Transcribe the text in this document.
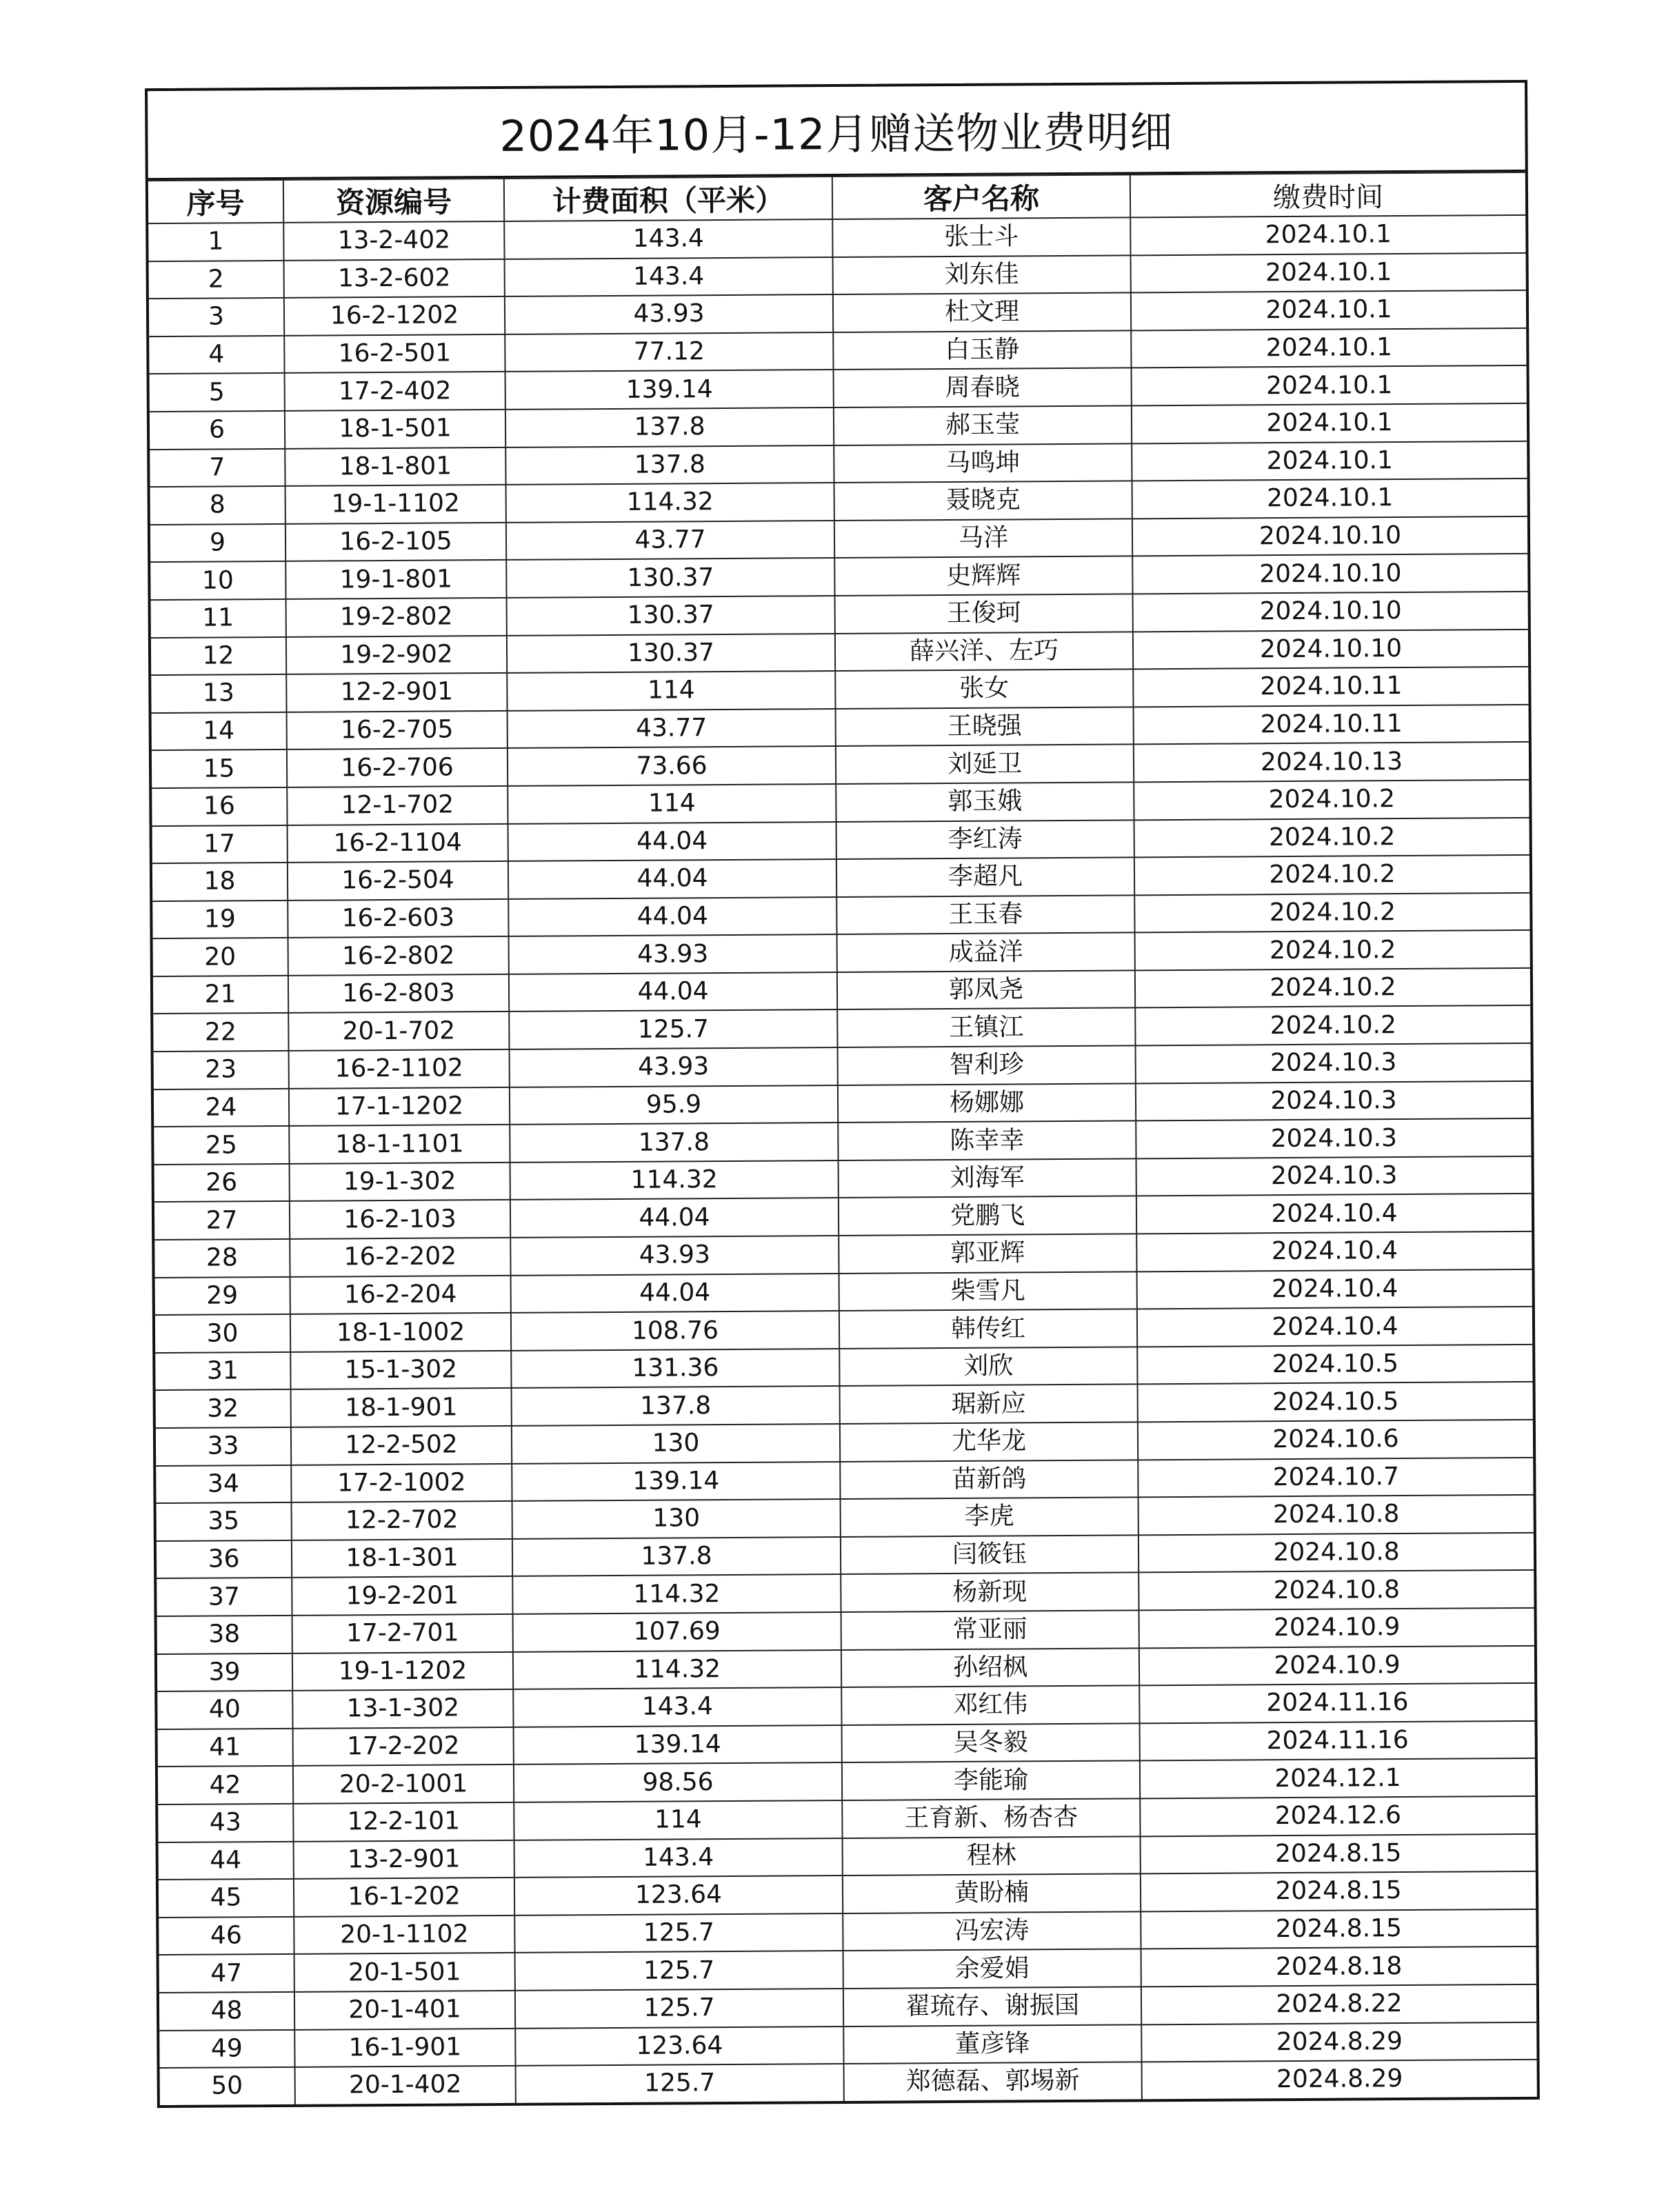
2024年10月-12月赠送物业费明细
序号	资源编号	计费面积（平米）	客户名称	缴费时间
1	13-2-402	143.4	张士斗	2024.10.1
2	13-2-602	143.4	刘东佳	2024.10.1
3	16-2-1202	43.93	杜文理	2024.10.1
4	16-2-501	77.12	白玉静	2024.10.1
5	17-2-402	139.14	周春晓	2024.10.1
6	18-1-501	137.8	郝玉莹	2024.10.1
7	18-1-801	137.8	马鸣坤	2024.10.1
8	19-1-1102	114.32	聂晓克	2024.10.1
9	16-2-105	43.77	马洋	2024.10.10
10	19-1-801	130.37	史辉辉	2024.10.10
11	19-2-802	130.37	王俊珂	2024.10.10
12	19-2-902	130.37	薛兴洋、左巧	2024.10.10
13	12-2-901	114	张女	2024.10.11
14	16-2-705	43.77	王晓强	2024.10.11
15	16-2-706	73.66	刘延卫	2024.10.13
16	12-1-702	114	郭玉娥	2024.10.2
17	16-2-1104	44.04	李红涛	2024.10.2
18	16-2-504	44.04	李超凡	2024.10.2
19	16-2-603	44.04	王玉春	2024.10.2
20	16-2-802	43.93	成益洋	2024.10.2
21	16-2-803	44.04	郭凤尧	2024.10.2
22	20-1-702	125.7	王镇江	2024.10.2
23	16-2-1102	43.93	智利珍	2024.10.3
24	17-1-1202	95.9	杨娜娜	2024.10.3
25	18-1-1101	137.8	陈幸幸	2024.10.3
26	19-1-302	114.32	刘海军	2024.10.3
27	16-2-103	44.04	党鹏飞	2024.10.4
28	16-2-202	43.93	郭亚辉	2024.10.4
29	16-2-204	44.04	柴雪凡	2024.10.4
30	18-1-1002	108.76	韩传红	2024.10.4
31	15-1-302	131.36	刘欣	2024.10.5
32	18-1-901	137.8	琚新应	2024.10.5
33	12-2-502	130	尤华龙	2024.10.6
34	17-2-1002	139.14	苗新鸽	2024.10.7
35	12-2-702	130	李虎	2024.10.8
36	18-1-301	137.8	闫筱钰	2024.10.8
37	19-2-201	114.32	杨新现	2024.10.8
38	17-2-701	107.69	常亚丽	2024.10.9
39	19-1-1202	114.32	孙绍枫	2024.10.9
40	13-1-302	143.4	邓红伟	2024.11.16
41	17-2-202	139.14	吴冬毅	2024.11.16
42	20-2-1001	98.56	李能瑜	2024.12.1
43	12-2-101	114	王育新、杨杏杏	2024.12.6
44	13-2-901	143.4	程林	2024.8.15
45	16-1-202	123.64	黄盼楠	2024.8.15
46	20-1-1102	125.7	冯宏涛	2024.8.15
47	20-1-501	125.7	余爱娟	2024.8.18
48	20-1-401	125.7	翟琉存、谢振国	2024.8.22
49	16-1-901	123.64	董彦锋	2024.8.29
50	20-1-402	125.7	郑德磊、郭埸新	2024.8.29
